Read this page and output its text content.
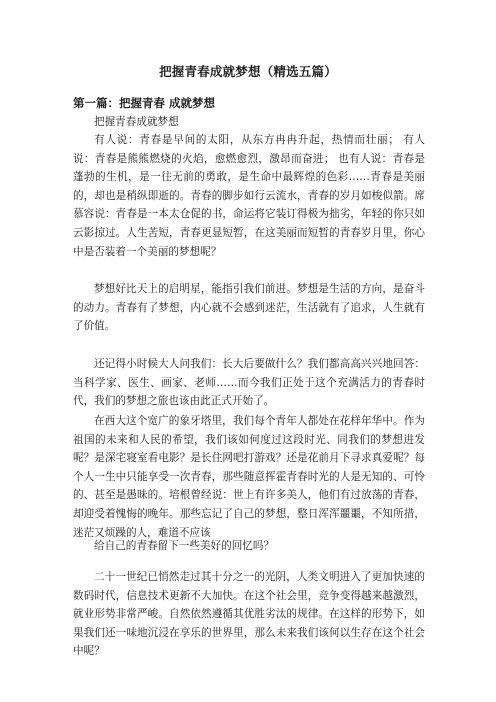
把握青春成就梦想（精选五篇）
第一篇：把握青春 成就梦想
把握青春成就梦想

有人说：青春是早间的太阳，从东方冉冉升起，热情而壮丽； 有人说：青春是熊熊燃烧的火焰，愈燃愈烈，激昂而奋进； 也有人说：青春是蓬勃的生机，是一往无前的勇敢，是生命中最辉煌的色彩……青春是美丽的，却也是稍纵即逝的。青春的脚步如行云流水，青春的岁月如梭似箭。席慕容说：青春是一本太仓促的书，命运将它装订得极为拙劣，年轻的你只如云影掠过。人生苦短，青春更显短暂，在这美丽而短暂的青春岁月里，你心中是否装着一个美丽的梦想呢？

梦想好比天上的启明星，能指引我们前进。梦想是生活的方向，是奋斗的动力。青春有了梦想，内心就不会感到迷茫，生活就有了追求，人生就有了价值。

还记得小时候大人问我们：长大后要做什么？我们都高高兴兴地回答：当科学家、医生、画家、老师……而今我们正处于这个充满活力的青春时代，我们的梦想之旅也该由此正式开始了。

在西大这个宽广的象牙塔里，我们每个青年人都处在花样年华中。作为祖国的未来和人民的希望，我们该如何度过这段时光、同我们的梦想进发呢？是深宅寝室看电影？是长住网吧打游戏？还是花前月下寻求真爱呢？每个人一生中只能享受一次青春，那些随意挥霍青春时光的人是无知的、可怜的、甚至是愚昧的。培根曾经说：世上有许多美人，他们有过放荡的青春，却迎受着愧悔的晚年。那些忘记了自己的梦想，整日浑浑噩噩，不知所措，迷茫又烦躁的人，难道不应该

给自己的青春留下一些美好的回忆吗？

二十一世纪已悄然走过其十分之一的光阴，人类文明进入了更加快速的数码时代，信息技术更新不大加快。在这个社会里，竞争变得越来越激烈，就业形势非常严峻。自然依然遵循其优胜劣汰的规律。在这样的形势下，如果我们还一味地沉浸在享乐的世界里，那么未来我们该何以生存在这个社会中呢？
